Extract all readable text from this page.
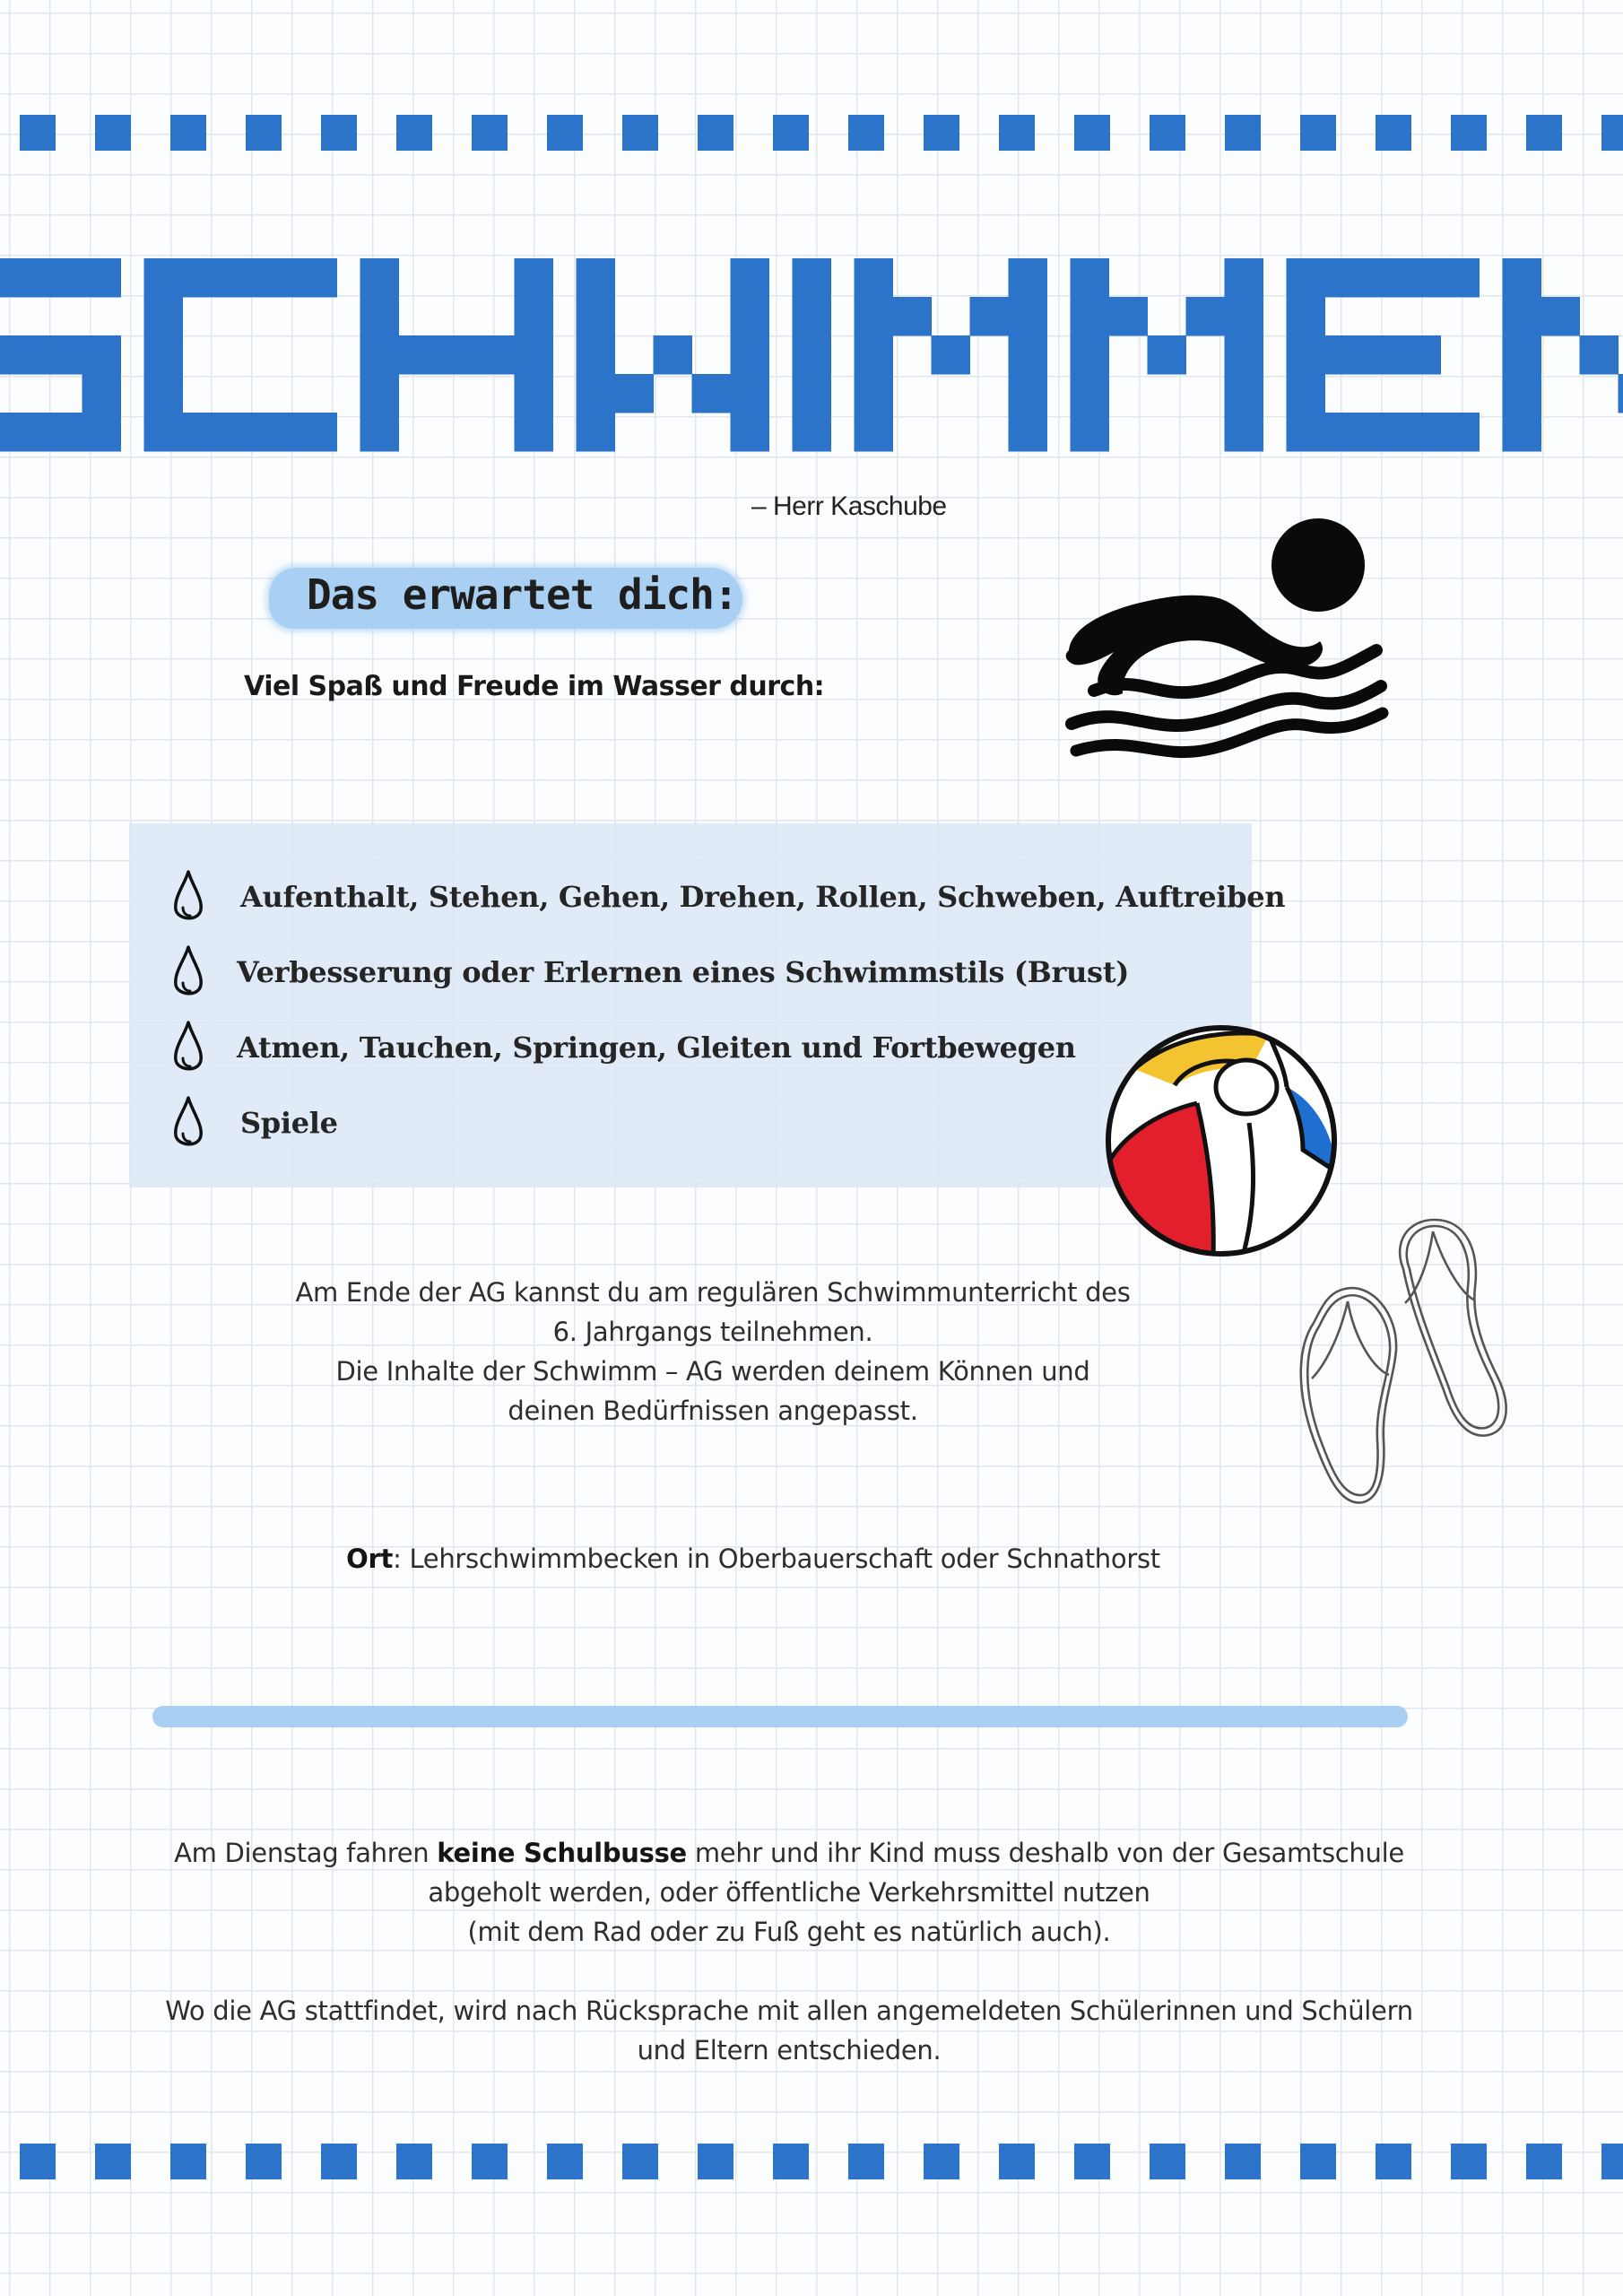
– Herr Kaschube
Das erwartet dich:
Viel Spaß und Freude im Wasser durch:
Aufenthalt, Stehen, Gehen, Drehen, Rollen, Schweben, Auftreiben
Verbesserung oder Erlernen eines Schwimmstils (Brust)
Atmen, Tauchen, Springen, Gleiten und Fortbewegen
Spiele
Am Ende der AG kannst du am regulären Schwimmunterricht des
6. Jahrgangs teilnehmen.
Die Inhalte der Schwimm – AG werden deinem Können und
deinen Bedürfnissen angepasst.
Ort: Lehrschwimmbecken in Oberbauerschaft oder Schnathorst
Am Dienstag fahren keine Schulbusse mehr und ihr Kind muss deshalb von der Gesamtschule
abgeholt werden, oder öffentliche Verkehrsmittel nutzen
(mit dem Rad oder zu Fuß geht es natürlich auch).
Wo die AG stattfindet, wird nach Rücksprache mit allen angemeldeten Schülerinnen und Schülern
und Eltern entschieden.
